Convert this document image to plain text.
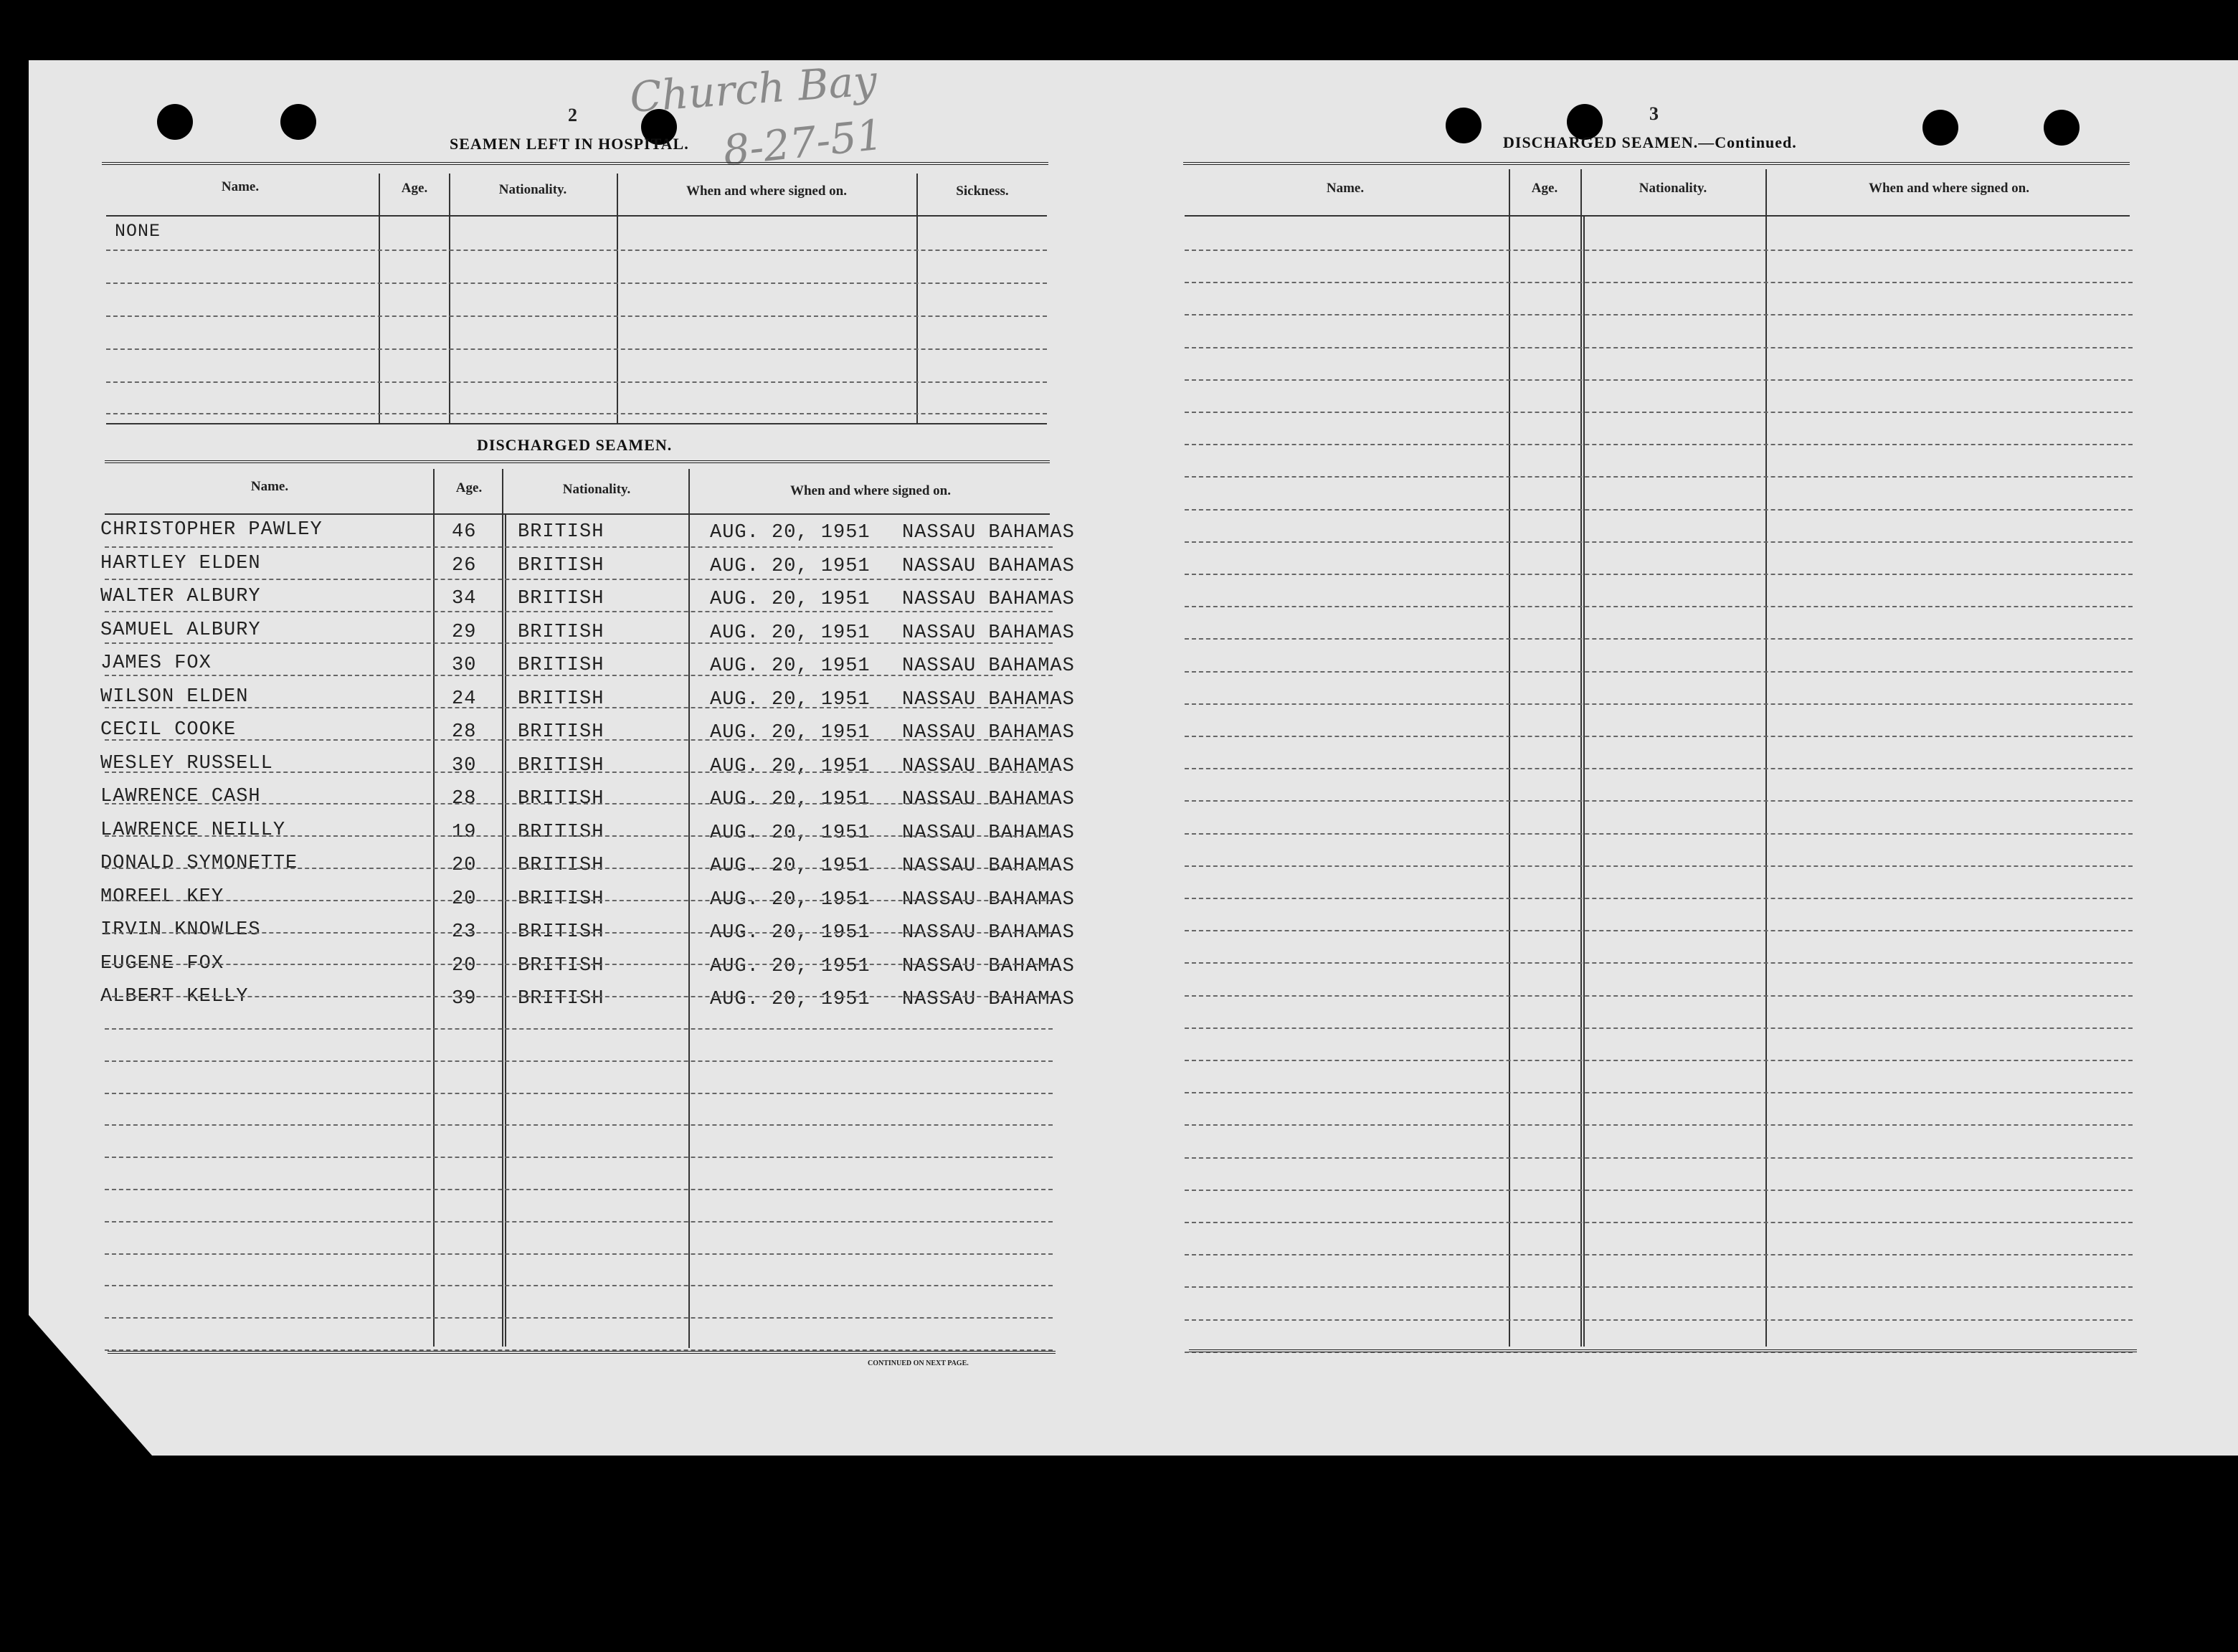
2 Church Bay
8-27-51
SEAMEN LEFT IN HOSPITAL.
Name.	Age.	Nationality.	When and where signed on.	Sickness.
NONE
DISCHARGED SEAMEN.
Name.	Age.	Nationality.	When and where signed on.
CHRISTOPHER PAWLEY	46 BRITISH	AUG. 20, 1951 NASSAU BAHAMAS
HARTLEY ELDEN	26 BRITISH	AUG. 20, 1951 NASSAU BAHAMAS
WALTER ALBURY	34 BRITISH	AUG. 20, 1951 NASSAU BAHAMAS
SAMUEL ALBURY	29 BRITISH	AUG. 20, 1951 NASSAU BAHAMAS
JAMES FOX	30 BRITISH	AUG. 20, 1951 NASSAU BAHAMAS
WILSON ELDEN	24 BRITISH	AUG. 20, 1951 NASSAU BAHAMAS
CECIL COOKE	28 BRITISH	AUG. 20, 1951 NASSAU BAHAMAS
WESLEY RUSSELL	30 BRITISH	AUG. 20, 1951 NASSAU BAHAMAS
LAWRENCE CASH	28 BRITISH	AUG. 20, 1951 NASSAU BAHAMAS
LAWRENCE NEILLY	19 BRITISH	AUG. 20, 1951 NASSAU BAHAMAS
DONALD SYMONETTE	20 BRITISH	AUG. 20, 1951 NASSAU BAHAMAS
MOREEL KEY	20 BRITISH	AUG. 20, 1951 NASSAU BAHAMAS
IRVIN KNOWLES	23 BRITISH	AUG. 20, 1951 NASSAU BAHAMAS
EUGENE FOX	20 BRITISH	AUG. 20, 1951 NASSAU BAHAMAS
ALBERT KELLY	39 BRITISH	AUG. 20, 1951 NASSAU BAHAMAS
CONTINUED ON NEXT PAGE.
3
DISCHARGED SEAMEN.—Continued.
Name.	Age.	Nationality.	When and where signed on.
